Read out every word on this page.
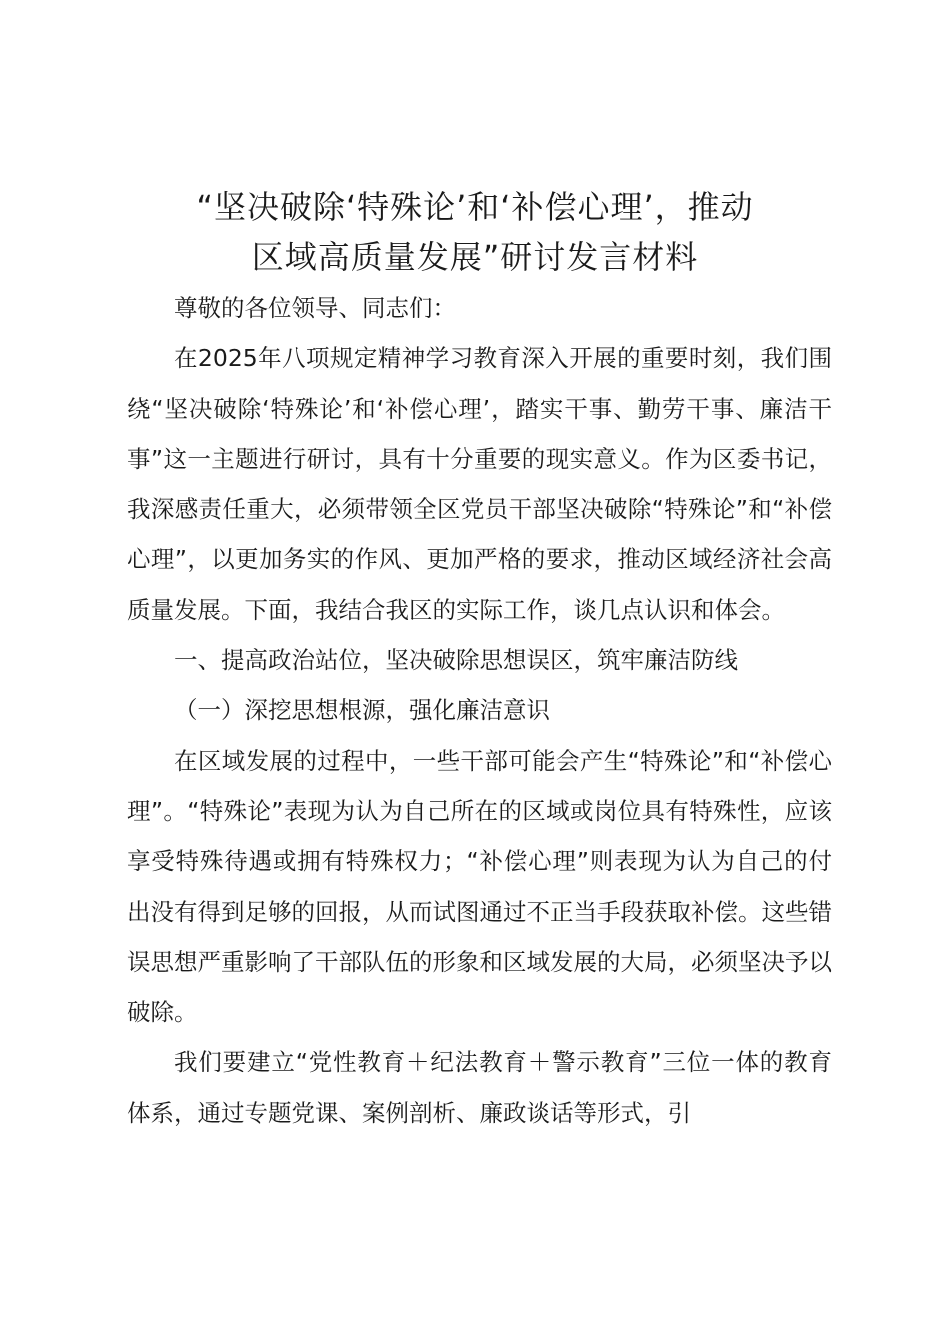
“坚决破除‘特殊论’和‘补偿心理’，推动
区域高质量发展”研讨发言材料

尊敬的各位领导、同志们：

在2025年八项规定精神学习教育深入开展的重要时刻，我们围绕“坚决破除‘特殊论’和‘补偿心理’，踏实干事、勤劳干事、廉洁干事”这一主题进行研讨，具有十分重要的现实意义。作为区委书记，我深感责任重大，必须带领全区党员干部坚决破除“特殊论”和“补偿心理”，以更加务实的作风、更加严格的要求，推动区域经济社会高质量发展。下面，我结合我区的实际工作，谈几点认识和体会。

一、提高政治站位，坚决破除思想误区，筑牢廉洁防线

（一）深挖思想根源，强化廉洁意识

在区域发展的过程中，一些干部可能会产生“特殊论”和“补偿心理”。“特殊论”表现为认为自己所在的区域或岗位具有特殊性，应该享受特殊待遇或拥有特殊权力；“补偿心理”则表现为认为自己的付出没有得到足够的回报，从而试图通过不正当手段获取补偿。这些错误思想严重影响了干部队伍的形象和区域发展的大局，必须坚决予以破除。

我们要建立“党性教育＋纪法教育＋警示教育”三位一体的教育体系，通过专题党课、案例剖析、廉政谈话等形式，引
